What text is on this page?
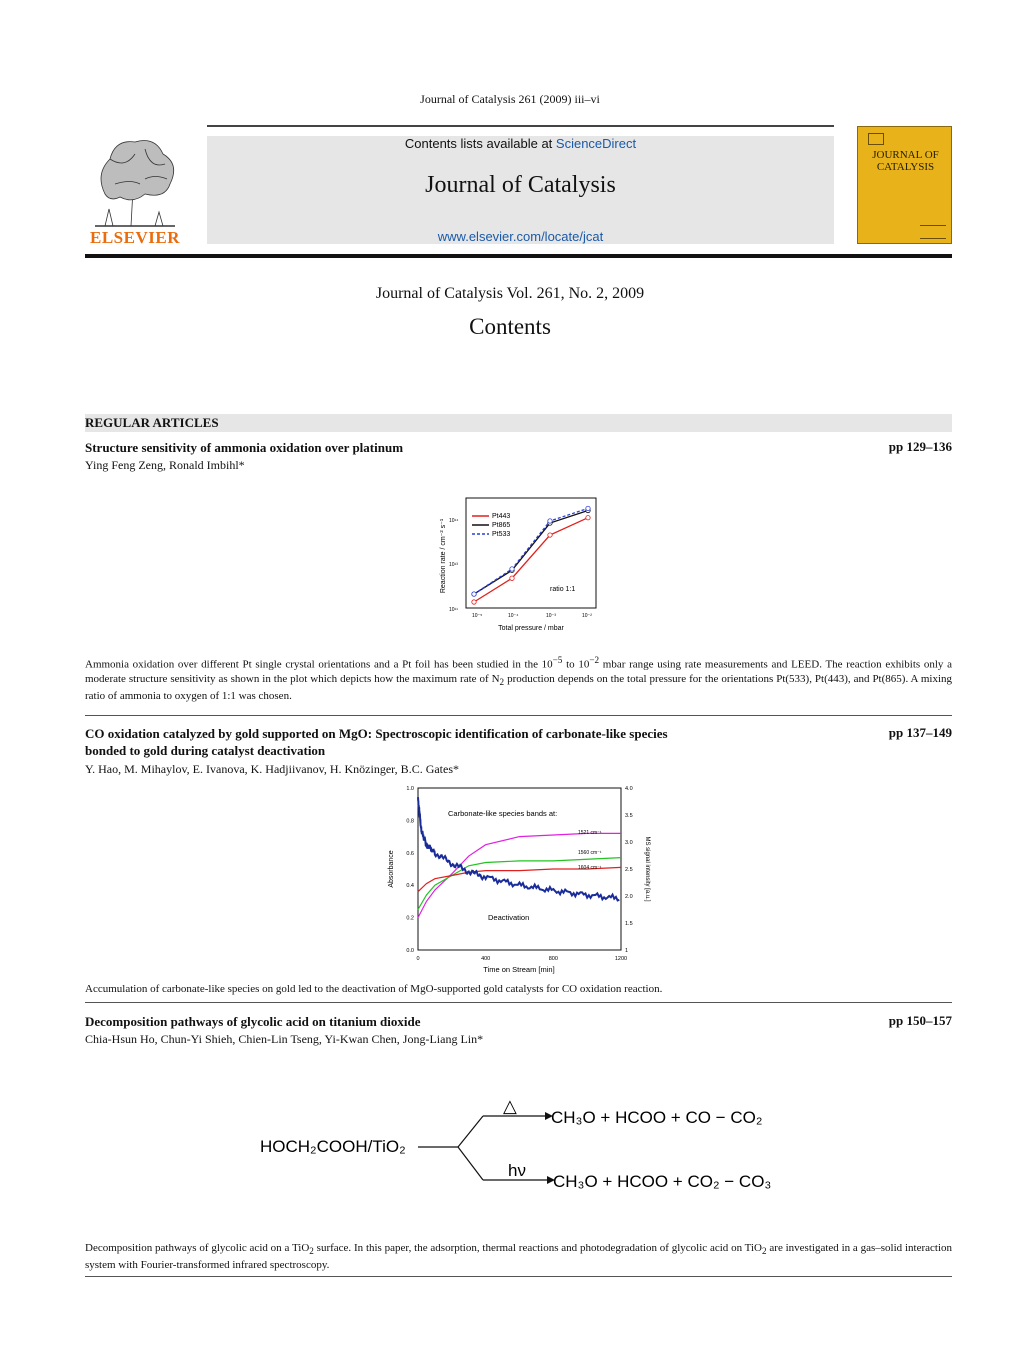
Journal of Catalysis 261 (2009) iii–vi
ELSEVIER
Contents lists available at ScienceDirect
Journal of Catalysis
www.elsevier.com/locate/jcat
JOURNAL OF
CATALYSIS
Journal of Catalysis Vol. 261, No. 2, 2009
Contents
REGULAR ARTICLES
Structure sensitivity of ammonia oxidation over platinum	pp 129–136
Ying Feng Zeng, Ronald Imbihl*
Reaction rate / cm⁻² s⁻¹
Total pressure / mbar
ratio 1:1
Pt443
Pt865
Pt533
10⁻⁵	10⁻⁴	10⁻³	10⁻²
10¹¹
10¹³
10¹⁴
Ammonia oxidation over different Pt single crystal orientations and a Pt foil has been studied in the $10^{-5}$ to $10^{-2}$ mbar range using rate measurements and LEED. The reaction exhibits only a moderate structure sensitivity as shown in the plot which depicts how the maximum rate of $N_2$ production depends on the total pressure for the orientations Pt(533), Pt(443), and Pt(865). A mixing ratio of ammonia to oxygen of 1:1 was chosen.
CO oxidation catalyzed by gold supported on MgO: Spectroscopic identification of carbonate-like species
bonded to gold during catalyst deactivation
pp 137–149
Y. Hao, M. Mihaylov, E. Ivanova, K. Hadjiivanov, H. Knözinger, B.C. Gates*
Absorbance	MS signal intensity [a.u.]
Time on Stream [min]
Carbonate-like species bands at:
Deactivation
1521 cm⁻¹
1560 cm⁻¹
1604 cm⁻¹
0	400	800	1200
0.0
0.2
0.4
0.6
0.8
1.0
1
1.5
2.0
2.5
3.0
3.5
4.0
Accumulation of carbonate-like species on gold led to the deactivation of MgO-supported gold catalysts for CO oxidation reaction.
Decomposition pathways of glycolic acid on titanium dioxide	pp 150–157
Chia-Hsun Ho, Chun-Yi Shieh, Chien-Lin Tseng, Yi-Kwan Chen, Jong-Liang Lin*
HOCH₂COOH/TiO₂
△
hν
CH₃O + HCOO + CO − CO₂
CH₃O + HCOO + CO₂ − CO₃
Decomposition pathways of glycolic acid on a TiO$_2$ surface. In this paper, the adsorption, thermal reactions and photodegradation of glycolic acid on TiO$_2$ are investigated in a gas–solid interaction system with Fourier-transformed infrared spectroscopy.
